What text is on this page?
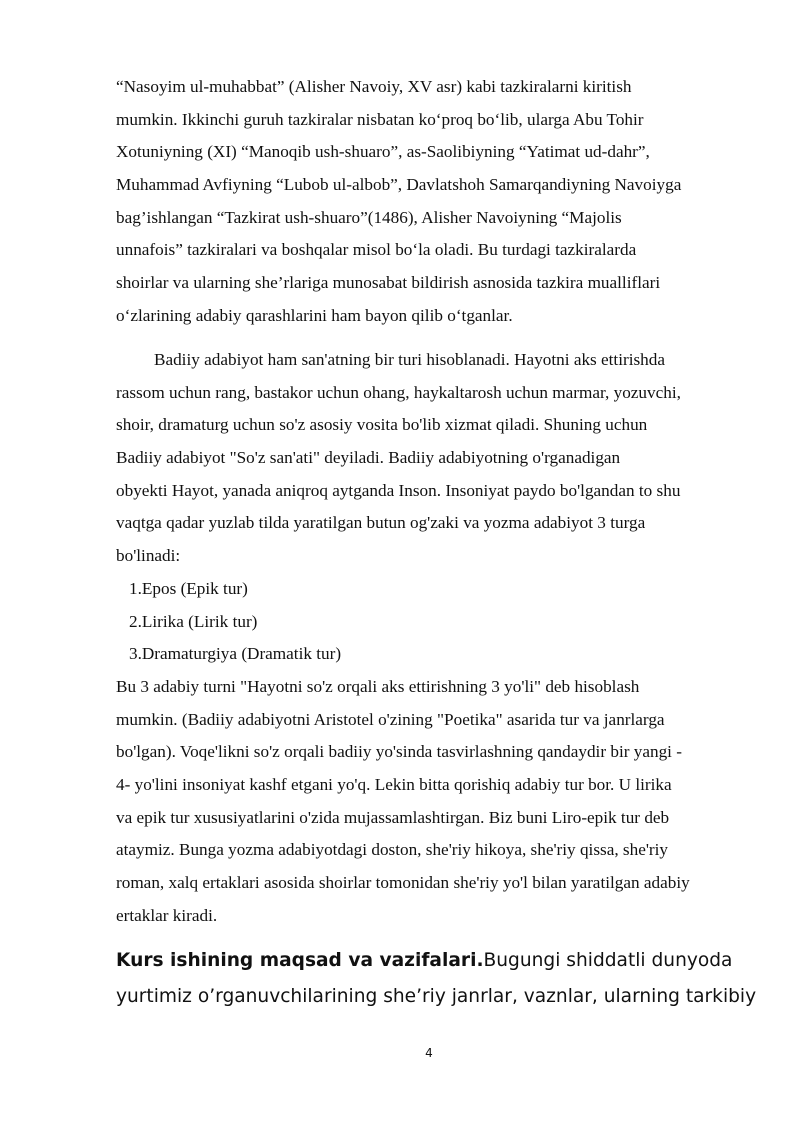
“Nasoyim ul-muhabbat” (Alisher Navoiy, XV asr) kabi tazkiralarni kiritish
mumkin. Ikkinchi guruh tazkiralar nisbatan ko‘proq bo‘lib, ularga Abu Tohir
Xotuniyning (XI) “Manoqib ush-shuaro”, as-Saolibiyning “Yatimat ud-dahr”,
Muhammad Avfiyning “Lubob ul-albob”, Davlatshoh Samarqandiyning Navoiyga
bag’ishlangan “Tazkirat ush-shuaro”(1486), Alisher Navoiyning “Majolis
unnafois” tazkiralari va boshqalar misol bo‘la oladi. Bu turdagi tazkiralarda
shoirlar va ularning she’rlariga munosabat bildirish asnosida tazkira mualliflari
o‘zlarining adabiy qarashlarini ham bayon qilib o‘tganlar.
Badiiy adabiyot ham san'atning bir turi hisoblanadi. Hayotni aks ettirishda
rassom uchun rang, bastakor uchun ohang, haykaltarosh uchun marmar, yozuvchi,
shoir, dramaturg uchun so'z asosiy vosita bo'lib xizmat qiladi. Shuning uchun
Badiiy adabiyot "So'z san'ati" deyiladi. Badiiy adabiyotning o'rganadigan
obyekti Hayot, yanada aniqroq aytganda Inson. Insoniyat paydo bo'lgandan to shu
vaqtga qadar yuzlab tilda yaratilgan butun og'zaki va yozma adabiyot 3 turga
bo'linadi:
1.Epos (Epik tur)
2.Lirika (Lirik tur)
3.Dramaturgiya (Dramatik tur)
Bu 3 adabiy turni "Hayotni so'z orqali aks ettirishning 3 yo'li" deb hisoblash
mumkin. (Badiiy adabiyotni Aristotel o'zining "Poetika" asarida tur va janrlarga
bo'lgan). Voqe'likni so'z orqali badiiy yo'sinda tasvirlashning qandaydir bir yangi -
4- yo'lini insoniyat kashf etgani yo'q. Lekin bitta qorishiq adabiy tur bor. U lirika
va epik tur xususiyatlarini o'zida mujassamlashtirgan. Biz buni Liro-epik tur deb
ataymiz. Bunga yozma adabiyotdagi doston, she'riy hikoya, she'riy qissa, she'riy
roman, xalq ertaklari asosida shoirlar tomonidan she'riy yo'l bilan yaratilgan adabiy
ertaklar kiradi.
Kurs ishining maqsad va vazifalari.Bugungi shiddatli dunyoda
yurtimiz o’rganuvchilarining she’riy janrlar, vaznlar, ularning tarkibiy
4
